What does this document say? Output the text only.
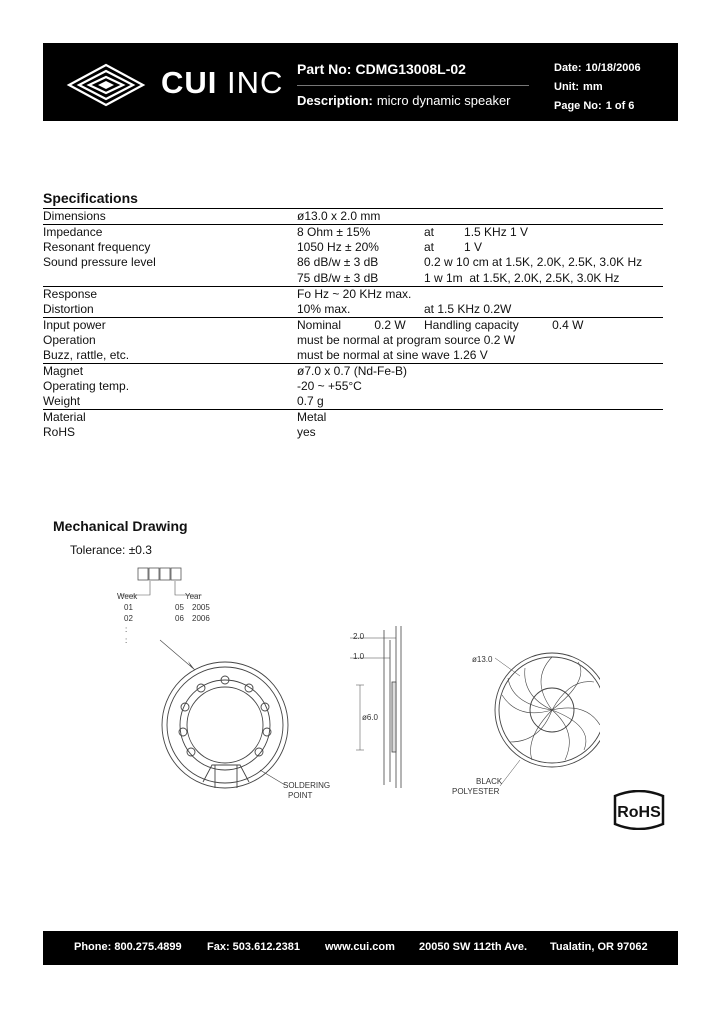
CUI INC Part No: CDMG13008L-02
Description: micro dynamic speaker
Date: 10/18/2006
Unit: mm
Page No: 1 of 6
Specifications
Dimensions	ø13.0 x 2.0 mm	
Impedance	8 Ohm ± 15%	at         1.5 KHz 1 V
Resonant frequency	1050 Hz ± 20%	at         1 V
Sound pressure level	86 dB/w ± 3 dB	0.2 w 10 cm at 1.5K, 2.0K, 2.5K, 3.0K Hz
	75 dB/w ± 3 dB	1 w 1m  at 1.5K, 2.0K, 2.5K, 3.0K Hz
Response	Fo Hz ~ 20 KHz max.	
Distortion	10% max.	at 1.5 KHz 0.2W
Input power	Nominal          0.2 W	Handling capacity          0.4 W
Operation	must be normal at program source 0.2 W	
Buzz, rattle, etc.	must be normal at sine wave 1.26 V	
Magnet	ø7.0 x 0.7 (Nd-Fe-B)	
Operating temp.	-20 ~ +55°C	
Weight	0.7 g	
Material	Metal	
RoHS	yes	
Mechanical Drawing
Tolerance: ±0.3
Week	Year
01
02
:
:
05
06
2005
2006
SOLDERING
POINT
2.0
1.0
ø6.0
ø13.0
BLACK
POLYESTER
RoHS
Phone: 800.275.4899 Fax: 503.612.2381 www.cui.com 20050 SW 112th Ave. Tualatin, OR 97062
